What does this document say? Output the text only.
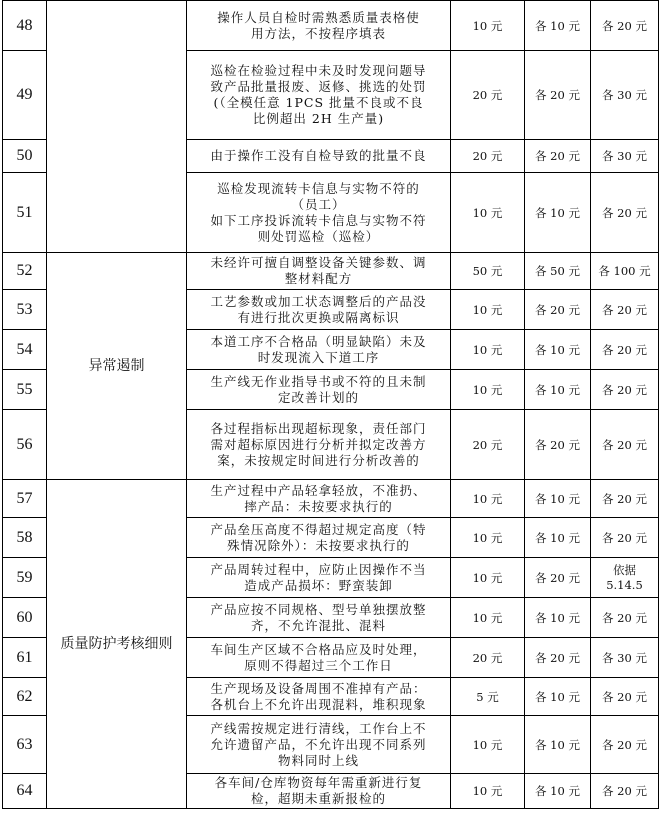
48		操作人员自检时需熟悉质量表格使
用方法，不按程序填表	10 元	各 10 元	各 20 元
49		巡检在检验过程中未及时发现问题导
致产品批量报废、返修、挑选的处罚
(（全模任意 1PCS 批量不良或不良
比例超出 2H 生产量)	20 元	各 20 元	各 30 元
50		由于操作工没有自检导致的批量不良	20 元	各 20 元	各 30 元
51		巡检发现流转卡信息与实物不符的
（员工）
如下工序投诉流转卡信息与实物不符
则处罚巡检（巡检）	10 元	各 10 元	各 20 元
52	异常遏制	未经许可擅自调整设备关键参数、调
整材料配方	50 元	各 50 元	各 100 元
53		工艺参数或加工状态调整后的产品没
有进行批次更换或隔离标识	10 元	各 20 元	各 20 元
54		本道工序不合格品（明显缺陷）未及
时发现流入下道工序	10 元	各 10 元	各 20 元
55		生产线无作业指导书或不符的且未制
定改善计划的	10 元	各 10 元	各 20 元
56		各过程指标出现超标现象，责任部门
需对超标原因进行分析并拟定改善方
案，未按规定时间进行分析改善的	20 元	各 20 元	各 20 元
57	质量防护考核细则	生产过程中产品轻拿轻放，不准扔、
摔产品：未按要求执行的	10 元	各 10 元	各 20 元
58		产品垒压高度不得超过规定高度（特
殊情况除外）：未按要求执行的	10 元	各 10 元	各 20 元
59		产品周转过程中，应防止因操作不当
造成产品损坏：野蛮装卸	10 元	各 20 元	依据 5.14.5
60		产品应按不同规格、型号单独摆放整
齐，不允许混批、混料	10 元	各 10 元	各 20 元
61		车间生产区域不合格品应及时处理，
原则不得超过三个工作日	20 元	各 20 元	各 30 元
62		生产现场及设备周围不准掉有产品：
各机台上不允许出现混料，堆积现象	5 元	各 10 元	各 20 元
63		产线需按规定进行清线，工作台上不
允许遗留产品，不允许出现不同系列
物料同时上线	10 元	各 10 元	各 20 元
64		各车间/仓库物资每年需重新进行复
检，超期未重新报检的	10 元	各 10 元	各 20 元
